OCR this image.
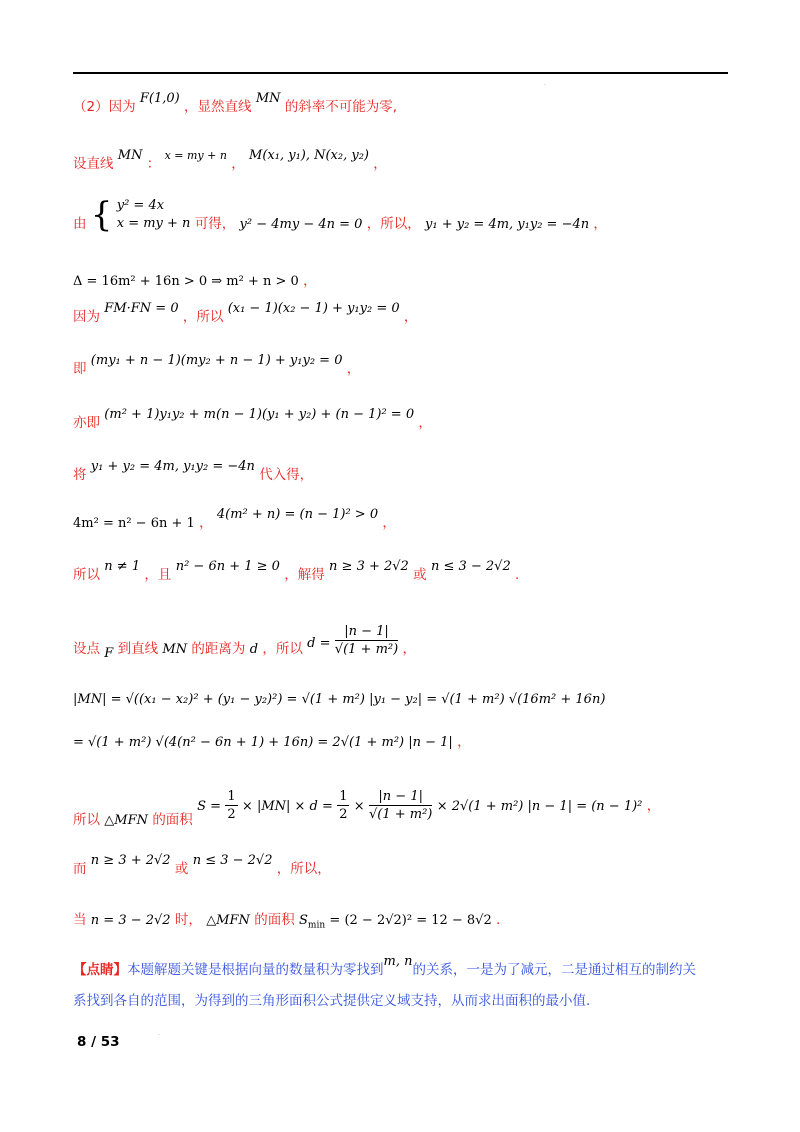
.
（2）因为 F(1,0) ，显然直线 MN 的斜率不可能为零,
设直线 MN ： $^{x = my + n}$ ， M(x₁, y₁), N(x₂, y₂) ，
由 { y² = 4x
x = my + n 可得， y² − 4my − 4n = 0 ，所以， y₁ + y₂ = 4m, y₁y₂ = −4n ，
Δ = 16m² + 16n > 0 ⇒ m² + n > 0 ，
因为 FM·FN = 0 ，所以 (x₁ − 1)(x₂ − 1) + y₁y₂ = 0 ，
即 (my₁ + n − 1)(my₂ + n − 1) + y₁y₂ = 0 ，
亦即 (m² + 1)y₁y₂ + m(n − 1)(y₁ + y₂) + (n − 1)² = 0 ，
将 y₁ + y₂ = 4m, y₁y₂ = −4n 代入得，
4m² = n² − 6n + 1 ， 4(m² + n) = (n − 1)² > 0 ，
所以 n ≠ 1 ，且 n² − 6n + 1 ≥ 0 ，解得 n ≥ 3 + 2√2 或 n ≤ 3 − 2√2 .
设点 F 到直线 MN 的距离为 d ，所以 $d = \frac{|n - 1|}{\text{√(1 + m²)}}$ ，
|MN| = √((x₁ − x₂)² + (y₁ − y₂)²) = √(1 + m²) |y₁ − y₂| = √(1 + m²) √(16m² + 16n)
= √(1 + m²) √(4(n² − 6n + 1) + 16n) = 2√(1 + m²) |n − 1| ，
所以 △MFN 的面积 $S = \frac{1}{2} \times |MN| \times d = \frac{1}{2} \times \frac{|n - 1|}{\text{√(1 + m²)}} \times 2√(1 + m^2) |n - 1| = (n - 1)^2$ ，
而 n ≥ 3 + 2√2 或 n ≤ 3 − 2√2 ，所以，
当 n = 3 − 2√2 时， △MFN 的面积 $S_{min} = (2 - 2√2)^2 = 12 - 8√2$ .
【点睛】本题解题关键是根据向量的数量积为零找到m, n的关系，一是为了减元，二是通过相互的制约关
系找到各自的范围，为得到的三角形面积公式提供定义域支持，从而求出面积的最小值.
8 / 53
.
